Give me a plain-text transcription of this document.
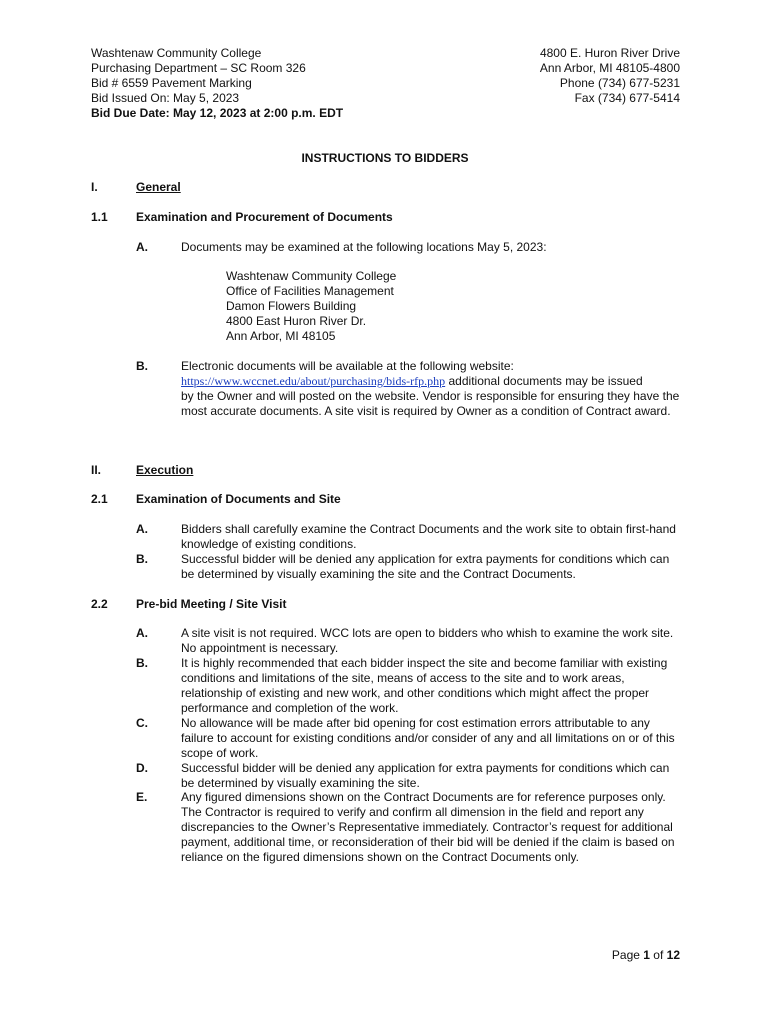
Washtenaw Community College
Purchasing Department – SC Room 326
Bid # 6559 Pavement Marking
Bid Issued On: May 5, 2023
Bid Due Date: May 12, 2023 at 2:00 p.m. EDT
4800 E. Huron River Drive
Ann Arbor, MI 48105-4800
Phone (734) 677-5231
Fax (734) 677-5414
INSTRUCTIONS TO BIDDERS
I.	General
1.1 Examination and Procurement of Documents
A.	Documents may be examined at the following locations May 5, 2023:
Washtenaw Community College
Office of Facilities Management
Damon Flowers Building
4800 East Huron River Dr.
Ann Arbor, MI 48105
B.	Electronic documents will be available at the following website:
https://www.wccnet.edu/about/purchasing/bids-rfp.php additional documents may be issued
by the Owner and will posted on the website. Vendor is responsible for ensuring they have the most accurate documents. A site visit is required by Owner as a condition of Contract award.
II.	Execution
2.1 Examination of Documents and Site
A.	Bidders shall carefully examine the Contract Documents and the work site to obtain first-hand knowledge of existing conditions.
B.	Successful bidder will be denied any application for extra payments for conditions which can be determined by visually examining the site and the Contract Documents.
2.2 Pre-bid Meeting / Site Visit
A.	A site visit is not required. WCC lots are open to bidders who whish to examine the work site. No appointment is necessary.
B.	It is highly recommended that each bidder inspect the site and become familiar with existing conditions and limitations of the site, means of access to the site and to work areas, relationship of existing and new work, and other conditions which might affect the proper performance and completion of the work.
C.	No allowance will be made after bid opening for cost estimation errors attributable to any failure to account for existing conditions and/or consider of any and all limitations on or of this scope of work.
D.	Successful bidder will be denied any application for extra payments for conditions which can be determined by visually examining the site.
E.	Any figured dimensions shown on the Contract Documents are for reference purposes only. The Contractor is required to verify and confirm all dimension in the field and report any discrepancies to the Owner’s Representative immediately. Contractor’s request for additional payment, additional time, or reconsideration of their bid will be denied if the claim is based on reliance on the figured dimensions shown on the Contract Documents only.
Page 1 of 12
